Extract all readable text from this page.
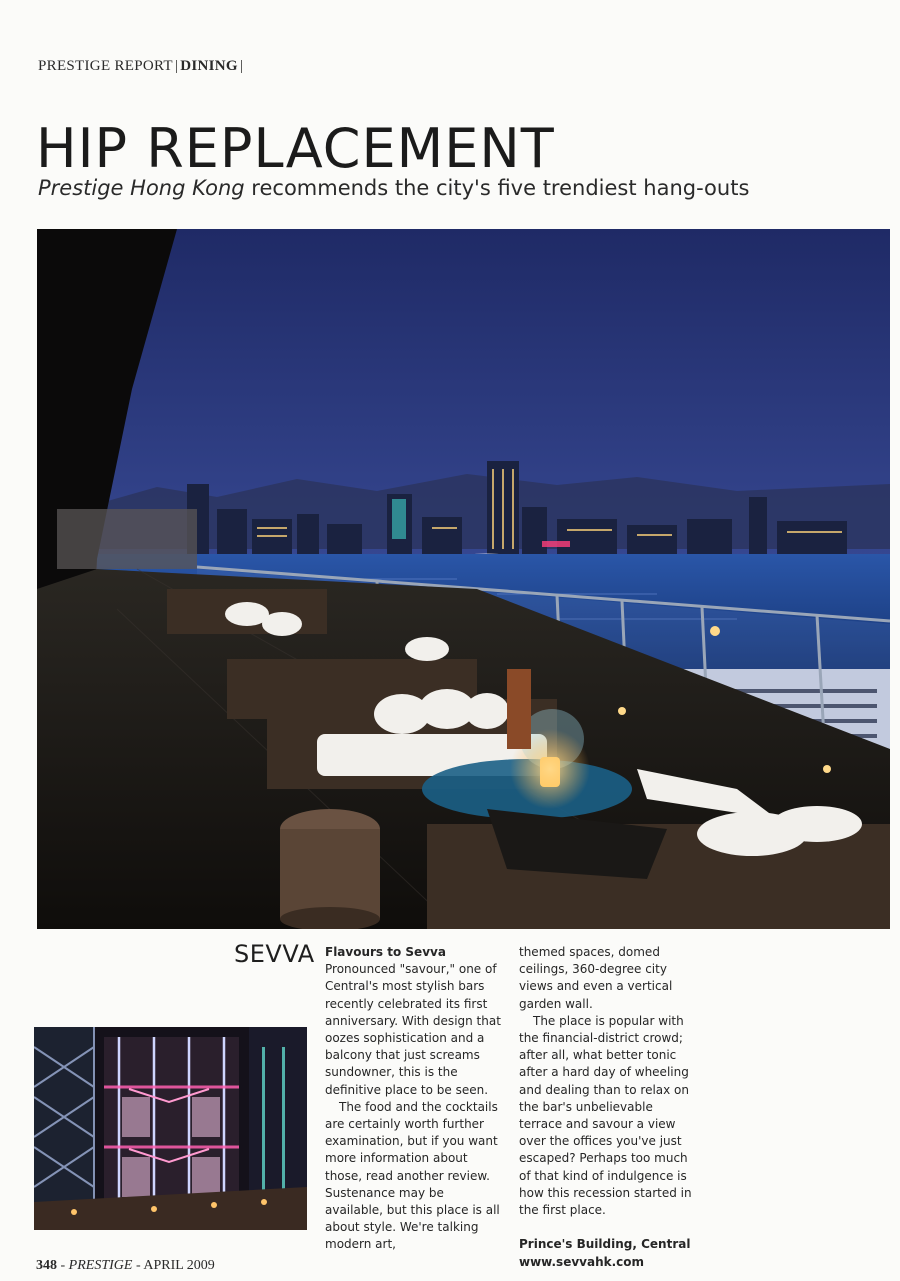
PRESTIGE REPORT | DINING |
HIP REPLACEMENT

Prestige Hong Kong recommends the city's five trendiest hang-outs

SEVVA Flavours to Sevva

Pronounced "savour," one of Central's most stylish bars recently celebrated its first anniversary. With design that oozes sophistication and a balcony that just screams sundowner, this is the definitive place to be seen.

The food and the cocktails are certainly worth further examination, but if you want more information about those, read another review. Sustenance may be available, but this place is all about style. We're talking modern art,

themed spaces, domed ceilings, 360-degree city views and even a vertical garden wall.

The place is popular with the financial-district crowd; after all, what better tonic after a hard day of wheeling and dealing than to relax on the bar's unbelievable terrace and savour a view over the offices you've just escaped? Perhaps too much of that kind of indulgence is how this recession started in the first place.

Prince's Building, Central

www.sevvahk.com

348 - PRESTIGE - APRIL 2009
